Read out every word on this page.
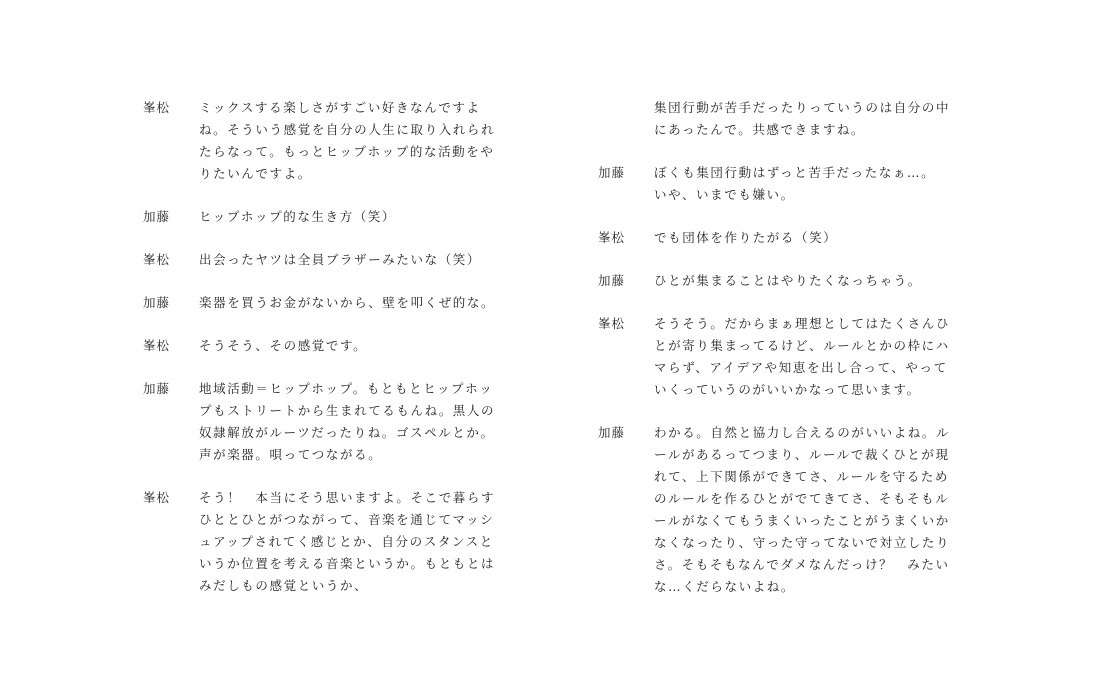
峯松	ミックスする楽しさがすごい好きなんですよ
ね。そういう感覚を自分の人生に取り入れられ
たらなって。もっとヒップホップ的な活動をや
りたいんですよ。
加藤	ヒップホップ的な生き方（笑）
峯松	出会ったヤツは全員ブラザーみたいな（笑）
加藤	楽器を買うお金がないから、壁を叩くぜ的な。
峯松	そうそう、その感覚です。
加藤	地域活動＝ヒップホップ。もともとヒップホッ
プもストリートから生まれてるもんね。黒人の
奴隷解放がルーツだったりね。ゴスペルとか。
声が楽器。唄ってつながる。
峯松	そう！　本当にそう思いますよ。そこで暮らす
ひととひとがつながって、音楽を通じてマッシ
ュアップされてく感じとか、自分のスタンスと
いうか位置を考える音楽というか。もともとは
みだしもの感覚というか、
集団行動が苦手だったりっていうのは自分の中
にあったんで。共感できますね。
加藤	ぼくも集団行動はずっと苦手だったなぁ…。
いや、いまでも嫌い。
峯松	でも団体を作りたがる（笑）
加藤	ひとが集まることはやりたくなっちゃう。
峯松	そうそう。だからまぁ理想としてはたくさんひ
とが寄り集まってるけど、ルールとかの枠にハ
マらず、アイデアや知恵を出し合って、やって
いくっていうのがいいかなって思います。
加藤	わかる。自然と協力し合えるのがいいよね。ル
ールがあるってつまり、ルールで裁くひとが現
れて、上下関係ができてさ、ルールを守るため
のルールを作るひとがでてきてさ、そもそもル
ールがなくてもうまくいったことがうまくいか
なくなったり、守った守ってないで対立したり
さ。そもそもなんでダメなんだっけ？　みたい
な…くだらないよね。
